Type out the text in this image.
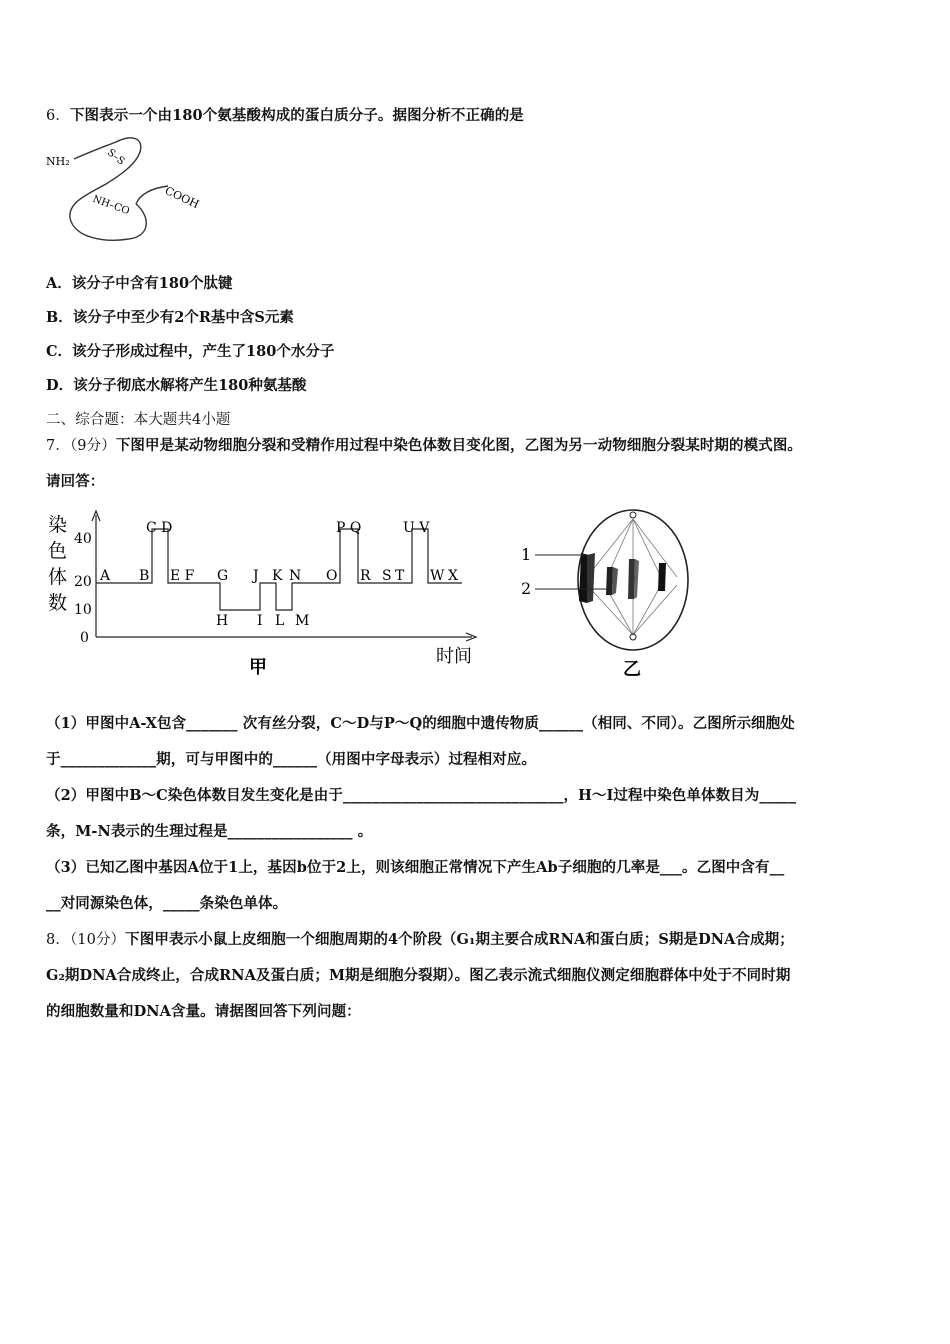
6．下图表示一个由180个氨基酸构成的蛋白质分子。据图分析不正确的是
NH₂	S–S
NH–CO	COOH
A．该分子中含有180个肽键
B．该分子中至少有2个R基中含S元素
C．该分子形成过程中，产生了180个水分子
D．该分子彻底水解将产生180种氨基酸
二、综合题：本大题共4小题
7．（9分）下图甲是某动物细胞分裂和受精作用过程中染色体数目变化图，乙图为另一动物细胞分裂某时期的模式图。
请回答：
染
色
体
数
40
20
10
0
A B
C D
E F G J K N O
P Q
R S T
U V
W X
H I L M
时间
甲
1
2
乙
（1）甲图中A-X包含_______ 次有丝分裂，C～D与P～Q的细胞中遗传物质______（相同、不同）。乙图所示细胞处
于_____________期，可与甲图中的______（用图中字母表示）过程相对应。
（2）甲图中B～C染色体数目发生变化是由于______________________________，H～I过程中染色单体数目为_____
条，M-N表示的生理过程是_________________ 。
（3）已知乙图中基因A位于1上，基因b位于2上，则该细胞正常情况下产生Ab子细胞的几率是___。乙图中含有__
__对同源染色体，_____条染色单体。
8．（10分）下图甲表示小鼠上皮细胞一个细胞周期的4个阶段（G₁期主要合成RNA和蛋白质；S期是DNA合成期；
G₂期DNA合成终止，合成RNA及蛋白质；M期是细胞分裂期）。图乙表示流式细胞仪测定细胞群体中处于不同时期
的细胞数量和DNA含量。请据图回答下列问题：
